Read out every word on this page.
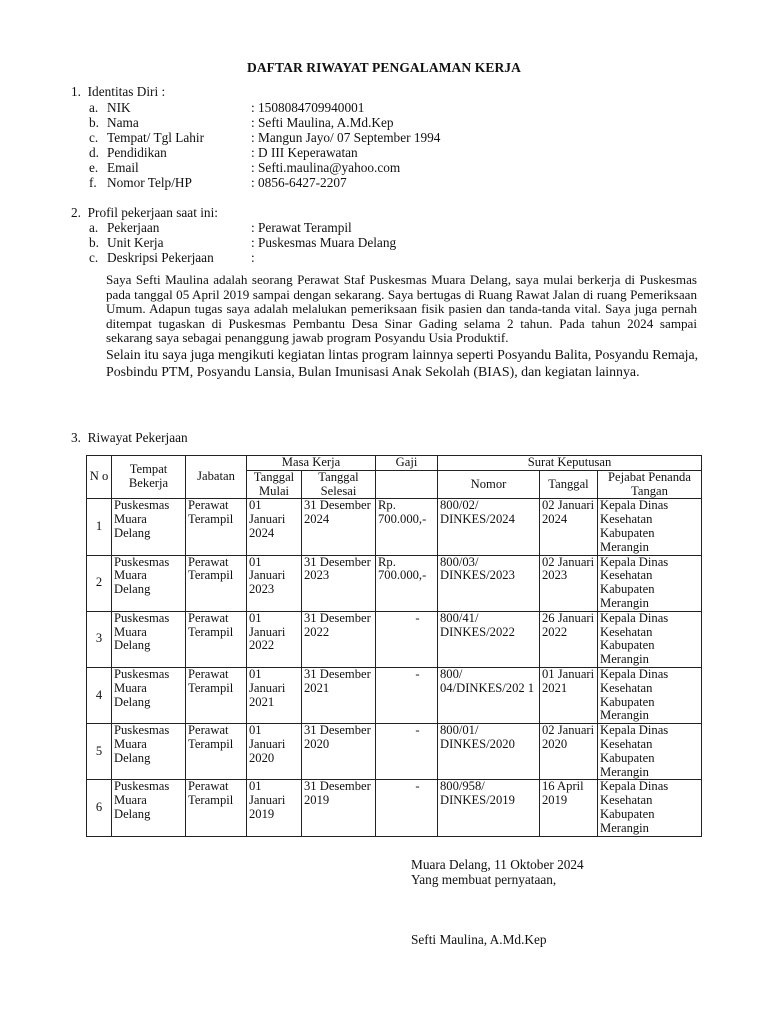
DAFTAR RIWAYAT PENGALAMAN KERJA
1.  Identitas Diri :
a. NIK	: 1508084709940001
b. Nama	: Sefti Maulina, A.Md.Kep
c. Tempat/ Tgl Lahir	: Mangun Jayo/ 07 September 1994
d. Pendidikan	: D III Keperawatan
e. Email	: Sefti.maulina@yahoo.com
f. Nomor Telp/HP	: 0856-6427-2207
2.  Profil pekerjaan saat ini:
a. Pekerjaan	: Perawat Terampil
b. Unit Kerja	: Puskesmas Muara Delang
c. Deskripsi Pekerjaan	:
Saya Sefti Maulina adalah seorang Perawat Staf Puskesmas Muara Delang, saya mulai berkerja di Puskesmas pada tanggal 05 April 2019 sampai dengan sekarang. Saya bertugas di Ruang Rawat Jalan di ruang Pemeriksaan Umum. Adapun tugas saya adalah melalukan pemeriksaan fisik pasien dan tanda-tanda vital. Saya juga pernah ditempat tugaskan di Puskesmas Pembantu Desa Sinar Gading selama 2 tahun. Pada tahun 2024 sampai sekarang saya sebagai penanggung jawab program Posyandu Usia Produktif.
Selain itu saya juga mengikuti kegiatan lintas program lainnya seperti Posyandu Balita, Posyandu Remaja, Posbindu PTM, Posyandu Lansia, Bulan Imunisasi Anak Sekolah (BIAS), dan kegiatan lainnya.
3.  Riwayat Pekerjaan
N o	Tempat Bekerja	Jabatan	Masa Kerja		Gaji	Surat Keputusan		
			Tanggal Mulai	Tanggal Selesai		Nomor	Tanggal	Pejabat Penanda Tangan
1	Puskesmas Muara Delang	Perawat Terampil	01 Januari 2024	31 Desember 2024	Rp. 700.000,-	800/02/ DINKES/2024	02 Januari 2024	Kepala Dinas Kesehatan Kabupaten Merangin
2	Puskesmas Muara Delang	Perawat Terampil	01 Januari 2023	31 Desember 2023	Rp. 700.000,-	800/03/ DINKES/2023	02 Januari 2023	Kepala Dinas Kesehatan Kabupaten Merangin
3	Puskesmas Muara Delang	Perawat Terampil	01 Januari 2022	31 Desember 2022	-	800/41/ DINKES/2022	26 Januari 2022	Kepala Dinas Kesehatan Kabupaten Merangin
4	Puskesmas Muara Delang	Perawat Terampil	01 Januari 2021	31 Desember 2021	-	800/ 04/DINKES/202 1	01 Januari 2021	Kepala Dinas Kesehatan Kabupaten Merangin
5	Puskesmas Muara Delang	Perawat Terampil	01 Januari 2020	31 Desember 2020	-	800/01/ DINKES/2020	02 Januari 2020	Kepala Dinas Kesehatan Kabupaten Merangin
6	Puskesmas Muara Delang	Perawat Terampil	01 Januari 2019	31 Desember 2019	-	800/958/ DINKES/2019	16 April 2019	Kepala Dinas Kesehatan Kabupaten Merangin
Muara Delang, 11 Oktober 2024
Yang membuat pernyataan,
Sefti Maulina, A.Md.Kep
